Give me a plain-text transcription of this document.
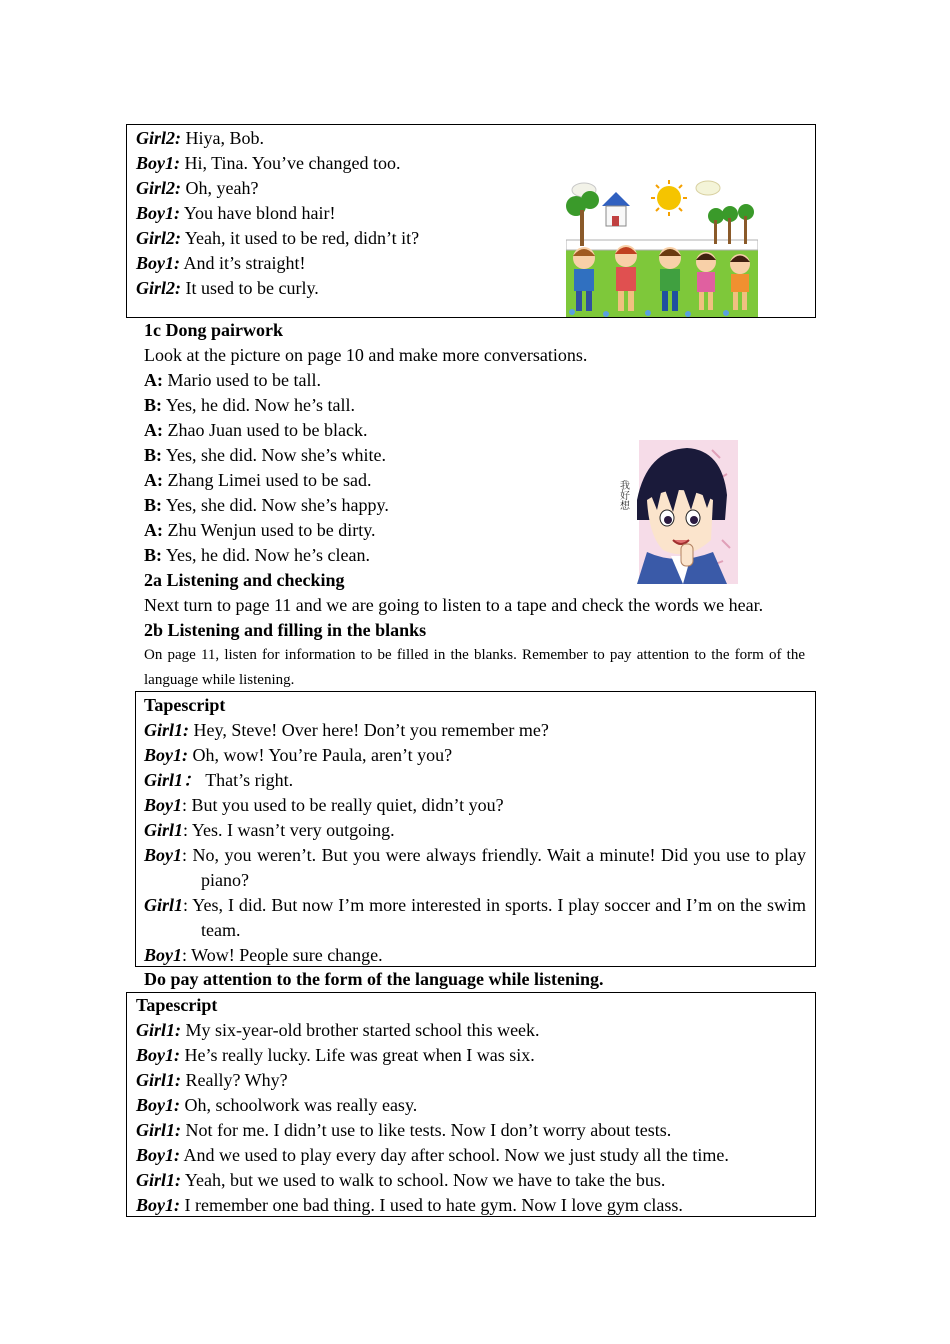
Girl2: Hiya, Bob.
Boy1: Hi, Tina. You’ve changed too.
Girl2: Oh, yeah?
Boy1: You have blond hair!
Girl2: Yeah, it used to be red, didn’t it?
Boy1: And it’s straight!
Girl2: It used to be curly.
1c Dong pairwork
Look at the picture on page 10 and make more conversations.
A: Mario used to be tall.
B: Yes, he did. Now he’s tall.
A: Zhao Juan used to be black.
B: Yes, she did. Now she’s white.
A: Zhang Limei used to be sad.
B: Yes, she did. Now she’s happy.
A: Zhu Wenjun used to be dirty.
B: Yes, he did. Now he’s clean.
2a Listening and checking
Next turn to page 11 and we are going to listen to a tape and check the words we hear.
2b Listening and filling in the blanks
On page 11, listen for information to be filled in the blanks. Remember to pay attention to the form of the language while listening.
我好想
Tapescript
Girl1: Hey, Steve! Over here! Don’t you remember me?
Boy1: Oh, wow! You’re Paula, aren’t you?
Girl1： That’s right.
Boy1: But you used to be really quiet, didn’t you?
Girl1: Yes. I wasn’t very outgoing.
Boy1: No, you weren’t. But you were always friendly. Wait a minute! Did you use to play piano?
Girl1: Yes, I did. But now I’m more interested in sports. I play soccer and I’m on the swim team.
Boy1: Wow! People sure change.
Do pay attention to the form of the language while listening.
Tapescript
Girl1: My six-year-old brother started school this week.
Boy1: He’s really lucky. Life was great when I was six.
Girl1: Really? Why?
Boy1: Oh, schoolwork was really easy.
Girl1: Not for me. I didn’t use to like tests. Now I don’t worry about tests.
Boy1: And we used to play every day after school. Now we just study all the time.
Girl1: Yeah, but we used to walk to school. Now we have to take the bus.
Boy1: I remember one bad thing. I used to hate gym. Now I love gym class.
